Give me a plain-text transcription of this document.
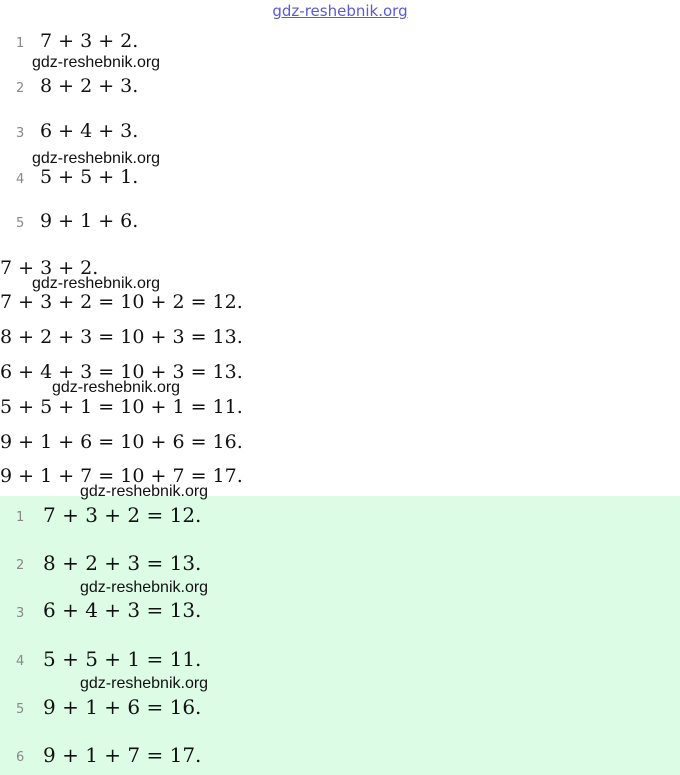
gdz-reshebnik.org
1 7 + 3 + 2.
2 8 + 2 + 3.
3 6 + 4 + 3.
4 5 + 5 + 1.
5 9 + 1 + 6.
7 + 3 + 2.
7 + 3 + 2 = 10 + 2 = 12.
8 + 2 + 3 = 10 + 3 = 13.
6 + 4 + 3 = 10 + 3 = 13.
5 + 5 + 1 = 10 + 1 = 11.
9 + 1 + 6 = 10 + 6 = 16.
9 + 1 + 7 = 10 + 7 = 17.
1 7 + 3 + 2 = 12.
2 8 + 2 + 3 = 13.
3 6 + 4 + 3 = 13.
4 5 + 5 + 1 = 11.
5 9 + 1 + 6 = 16.
6 9 + 1 + 7 = 17.
gdz-reshebnik.org
gdz-reshebnik.org
gdz-reshebnik.org
gdz-reshebnik.org
gdz-reshebnik.org
gdz-reshebnik.org
gdz-reshebnik.org
